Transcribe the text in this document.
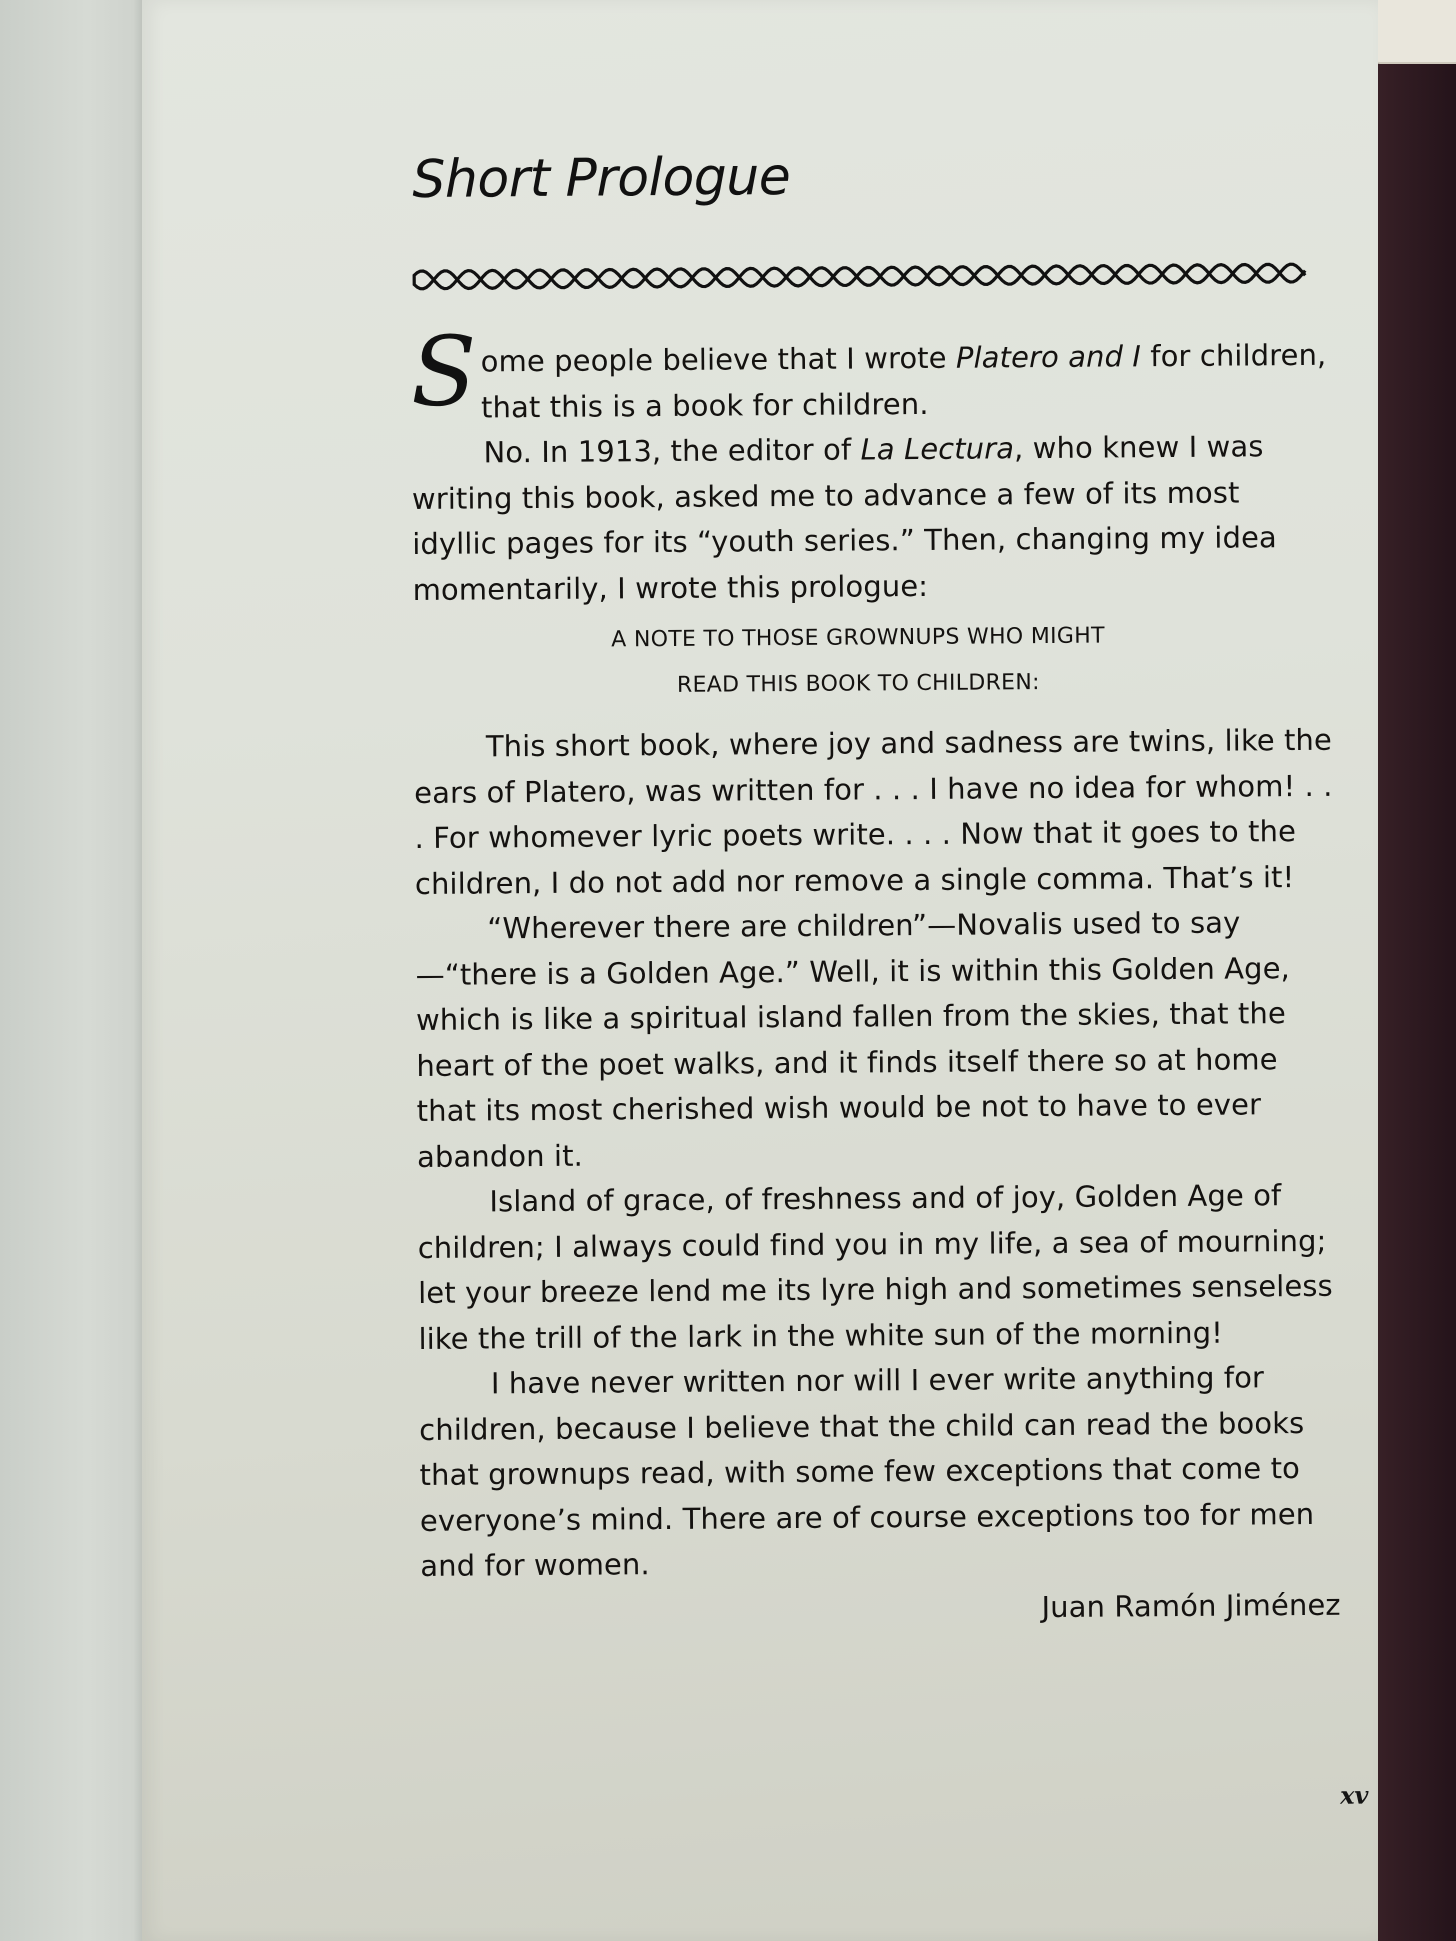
Short Prologue

Some people believe that I wrote Platero and I for children, that this is a book for children.

No. In 1913, the editor of La Lectura, who knew I was writing this book, asked me to advance a few of its most idyllic pages for its “youth series.” Then, changing my idea momentarily, I wrote this prologue:

A NOTE TO THOSE GROWNUPS WHO MIGHT
READ THIS BOOK TO CHILDREN:

This short book, where joy and sadness are twins, like the ears of Platero, was written for . . . I have no idea for whom! . . . For whomever lyric poets write. . . . Now that it goes to the children, I do not add nor remove a single comma. That’s it!

“Wherever there are children”—Novalis used to say—“there is a Golden Age.” Well, it is within this Golden Age, which is like a spiritual island fallen from the skies, that the heart of the poet walks, and it finds itself there so at home that its most cherished wish would be not to have to ever abandon it.

Island of grace, of freshness and of joy, Golden Age of children; I always could find you in my life, a sea of mourning; let your breeze lend me its lyre high and sometimes senseless like the trill of the lark in the white sun of the morning!

I have never written nor will I ever write anything for children, because I believe that the child can read the books that grownups read, with some few exceptions that come to everyone’s mind. There are of course exceptions too for men and for women.

Juan Ramón Jiménez

xv
